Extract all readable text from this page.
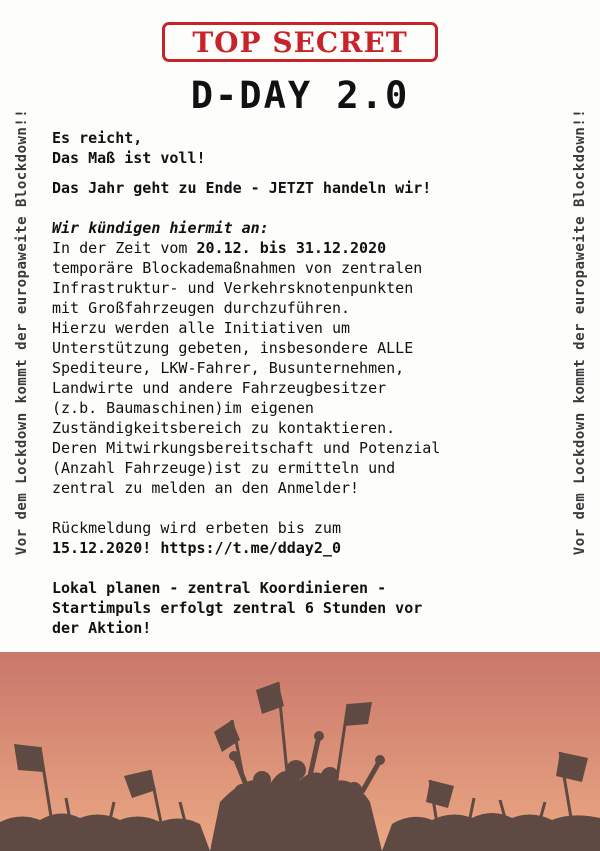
TOP SECRET
D-DAY 2.0
Vor dem Lockdown kommt der europaweite Blockdown!!	Vor dem Lockdown kommt der europaweite Blockdown!!

Es reicht,

Das Maß ist voll!

Das Jahr geht zu Ende - JETZT handeln wir!

Wir kündigen hiermit an:

In der Zeit vom 20.12. bis 31.12.2020

temporäre Blockademaßnahmen von zentralen

Infrastruktur- und Verkehrsknotenpunkten

mit Großfahrzeugen durchzuführen.

Hierzu werden alle Initiativen um

Unterstützung gebeten, insbesondere ALLE

Spediteure, LKW-Fahrer, Busunternehmen,

Landwirte und andere Fahrzeugbesitzer

(z.b. Baumaschinen)im eigenen

Zuständigkeitsbereich zu kontaktieren.

Deren Mitwirkungsbereitschaft und Potenzial

(Anzahl Fahrzeuge)ist zu ermitteln und

zentral zu melden an den Anmelder!

Rückmeldung wird erbeten bis zum

15.12.2020! https://t.me/dday2_0

Lokal planen - zentral Koordinieren -

Startimpuls erfolgt zentral 6 Stunden vor

der Aktion!
